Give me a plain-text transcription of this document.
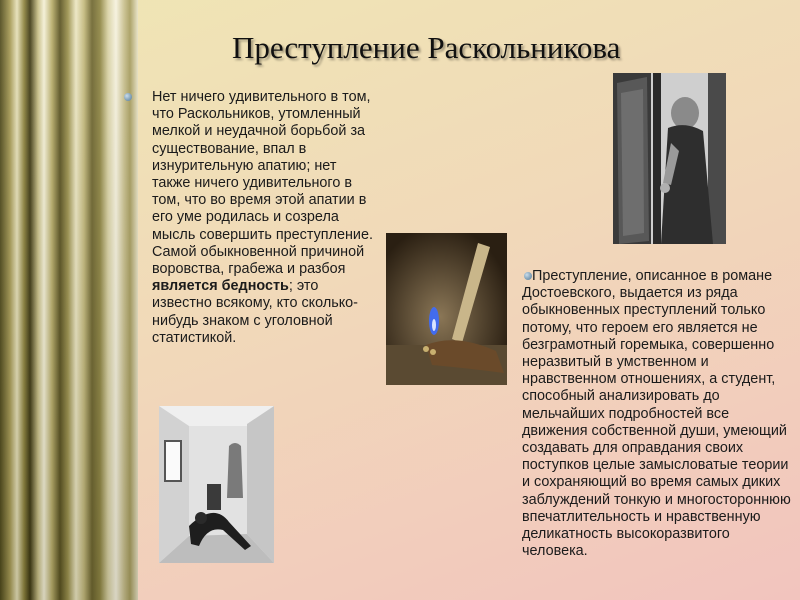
Преступление Раскольникова

Нет ничего удивительного в том, что Раскольников, утомленный мелкой и неудачной борьбой за существование, впал в изнурительную апатию; нет также ничего удивительного в том, что во время этой апатии в его уме родилась и созрела мысль совершить преступление. Самой обыкновенной причиной воровства, грабежа и разбоя является бедность; это известно всякому, кто сколько-нибудь знаком с уголовной статистикой.

Преступление, описанное в романе Достоевского, выдается из ряда обыкновенных преступлений только потому, что героем его является не безграмотный горемыка, совершенно неразвитый в умственном и нравственном отношениях, а студент, способный анализировать до мельчайших подробностей все движения собственной души, умеющий создавать для оправдания своих поступков целые замысловатые теории и сохраняющий во время самых диких заблуждений тонкую и многостороннюю впечатлительность и нравственную деликатность высокоразвитого человека.
